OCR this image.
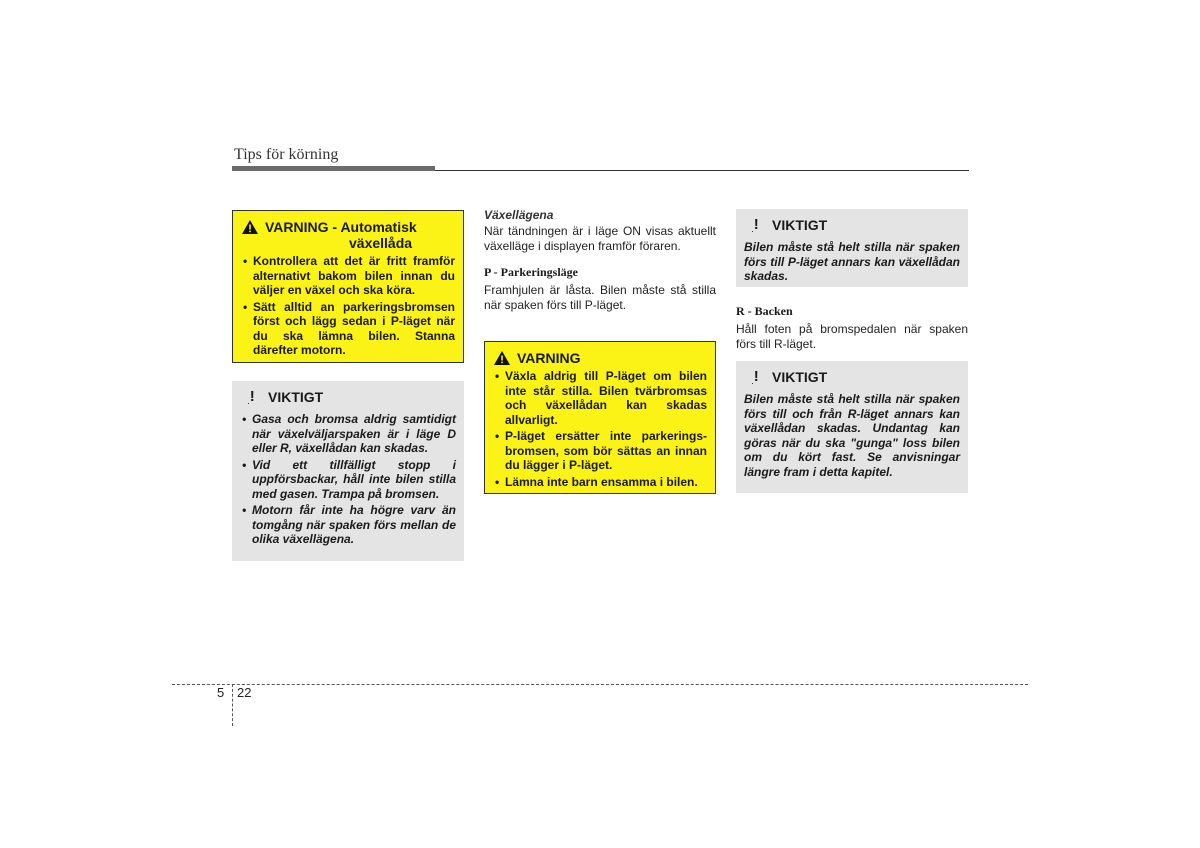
Tips för körning
VARNING - Automatisk
växellåda
• Kontrollera att det är fritt framför alternativt bakom bilen innan du väljer en växel och ska köra.
• Sätt alltid an parkeringsbromsen först och lägg sedan i P-läget när du ska lämna bilen. Stanna därefter motorn.
$_.$! VIKTIGT
• Gasa och bromsa aldrig samtidigt när växelväljarspaken är i läge D eller R, växellådan kan skadas.
• Vid ett tillfälligt stopp i uppförsbackar, håll inte bilen stilla med gasen. Trampa på bromsen.
• Motorn får inte ha högre varv än tomgång när spaken förs mellan de olika växellägena.
Växellägena
När tändningen är i läge ON visas aktuellt växelläge i displayen framför föraren.
P - Parkeringsläge
Framhjulen är låsta. Bilen måste stå stilla när spaken förs till P-läget.
VARNING
• Växla aldrig till P-läget om bilen inte står stilla. Bilen tvärbromsas och växellådan kan skadas allvarligt.
• P-läget ersätter inte parkerings-bromsen, som bör sättas an innan du lägger i P-läget.
• Lämna inte barn ensamma i bilen.
$_.$! VIKTIGT
Bilen måste stå helt stilla när spaken förs till P-läget annars kan växellådan skadas.
R - Backen
Håll foten på bromspedalen när spaken förs till R-läget.
$_.$! VIKTIGT
Bilen måste stå helt stilla när spaken förs till och från R-läget annars kan växellådan skadas. Undantag kan göras när du ska "gunga" loss bilen om du kört fast. Se anvisningar längre fram i detta kapitel.
5 22
